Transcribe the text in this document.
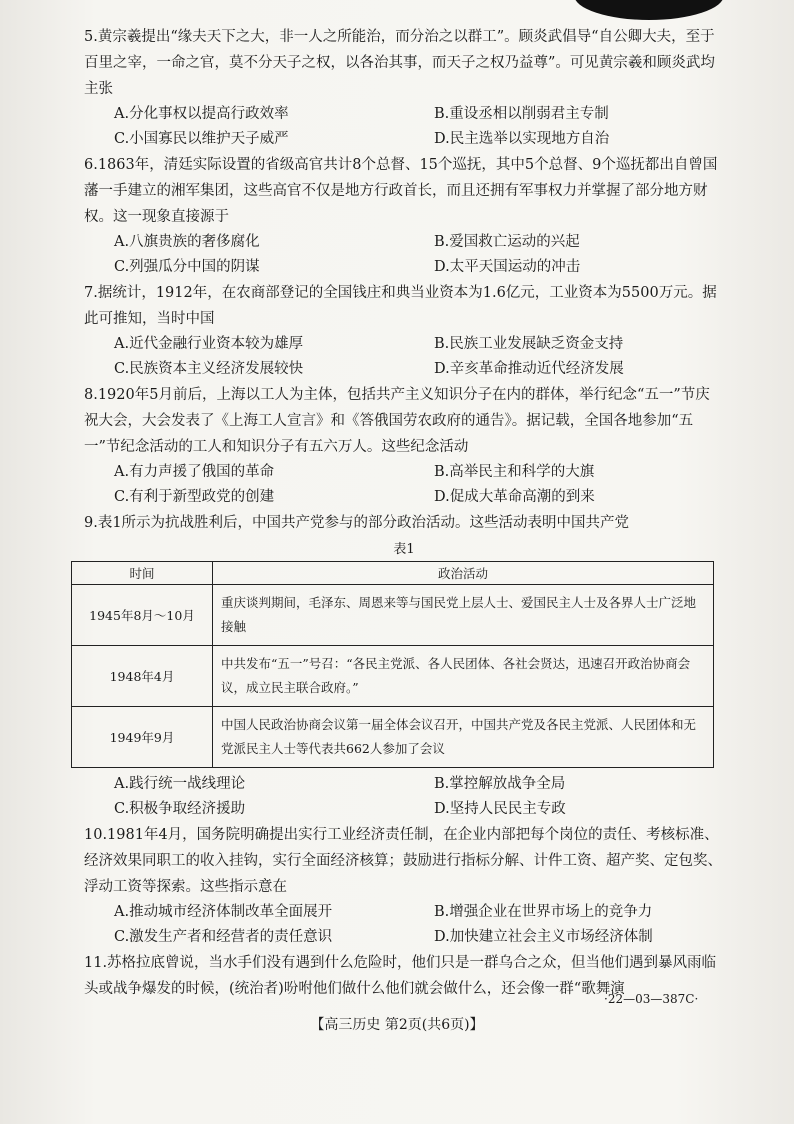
5.黄宗羲提出“缘夫天下之大，非一人之所能治，而分治之以群工”。顾炎武倡导“自公卿大夫，至于百里之宰，一命之官，莫不分天子之权，以各治其事，而天子之权乃益尊”。可见黄宗羲和顾炎武均主张

A.分化事权以提高行政效率	B.重设丞相以削弱君主专制
C.小国寡民以维护天子威严	D.民主选举以实现地方自治

6.1863年，清廷实际设置的省级高官共计8个总督、15个巡抚，其中5个总督、9个巡抚都出自曾国藩一手建立的湘军集团，这些高官不仅是地方行政首长，而且还拥有军事权力并掌握了部分地方财权。这一现象直接源于

A.八旗贵族的奢侈腐化	B.爱国救亡运动的兴起
C.列强瓜分中国的阴谋	D.太平天国运动的冲击

7.据统计，1912年，在农商部登记的全国钱庄和典当业资本为1.6亿元，工业资本为5500万元。据此可推知，当时中国

A.近代金融行业资本较为雄厚	B.民族工业发展缺乏资金支持
C.民族资本主义经济发展较快	D.辛亥革命推动近代经济发展

8.1920年5月前后，上海以工人为主体，包括共产主义知识分子在内的群体，举行纪念“五一”节庆祝大会，大会发表了《上海工人宣言》和《答俄国劳农政府的通告》。据记载，全国各地参加“五一”节纪念活动的工人和知识分子有五六万人。这些纪念活动

A.有力声援了俄国的革命	B.高举民主和科学的大旗
C.有利于新型政党的创建	D.促成大革命高潮的到来

9.表1所示为抗战胜利后，中国共产党参与的部分政治活动。这些活动表明中国共产党

表1
时间	政治活动
1945年8月～10月	重庆谈判期间，毛泽东、周恩来等与国民党上层人士、爱国民主人士及各界人士广泛地接触
1948年4月	中共发布“五一”号召：“各民主党派、各人民团体、各社会贤达，迅速召开政治协商会议，成立民主联合政府。”
1949年9月	中国人民政治协商会议第一届全体会议召开，中国共产党及各民主党派、人民团体和无党派民主人士等代表共662人参加了会议
A.践行统一战线理论	B.掌控解放战争全局
C.积极争取经济援助	D.坚持人民民主专政

10.1981年4月，国务院明确提出实行工业经济责任制，在企业内部把每个岗位的责任、考核标准、经济效果同职工的收入挂钩，实行全面经济核算；鼓励进行指标分解、计件工资、超产奖、定包奖、浮动工资等探索。这些指示意在

A.推动城市经济体制改革全面展开	B.增强企业在世界市场上的竞争力
C.激发生产者和经营者的责任意识	D.加快建立社会主义市场经济体制

11.苏格拉底曾说，当水手们没有遇到什么危险时，他们只是一群乌合之众，但当他们遇到暴风雨临头或战争爆发的时候，(统治者)吩咐他们做什么他们就会做什么，还会像一群“歌舞演

·22—03—387C·
【高三历史 第2页(共6页)】
